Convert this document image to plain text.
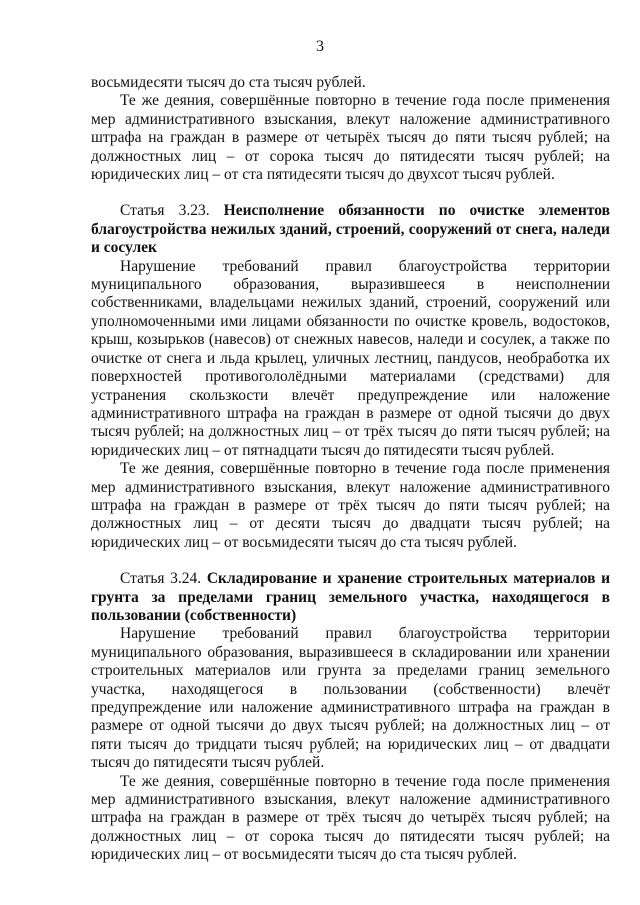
3

восьмидесяти тысяч до ста тысяч рублей.

Те же деяния, совершённые повторно в течение года после применения мер административного взыскания, влекут наложение административного штрафа на граждан в размере от четырёх тысяч до пяти тысяч рублей; на должностных лиц – от сорока тысяч до пятидесяти тысяч рублей; на юридических лиц – от ста пятидесяти тысяч до двухсот тысяч рублей.

Статья 3.23. Неисполнение обязанности по очистке элементов благоустройства нежилых зданий, строений, сооружений от снега, наледи и сосулек

Нарушение требований правил благоустройства территории муниципального образования, выразившееся в неисполнении собственниками, владельцами нежилых зданий, строений, сооружений или уполномоченными ими лицами обязанности по очистке кровель, водостоков, крыш, козырьков (навесов) от снежных навесов, наледи и сосулек, а также по очистке от снега и льда крылец, уличных лестниц, пандусов, необработка их поверхностей противогололёдными материалами (средствами) для устранения скользкости влечёт предупреждение или наложение административного штрафа на граждан в размере от одной тысячи до двух тысяч рублей; на должностных лиц – от трёх тысяч до пяти тысяч рублей; на юридических лиц – от пятнадцати тысяч до пятидесяти тысяч рублей.

Те же деяния, совершённые повторно в течение года после применения мер административного взыскания, влекут наложение административного штрафа на граждан в размере от трёх тысяч до пяти тысяч рублей; на должностных лиц – от десяти тысяч до двадцати тысяч рублей; на юридических лиц – от восьмидесяти тысяч до ста тысяч рублей.

Статья 3.24. Складирование и хранение строительных материалов и грунта за пределами границ земельного участка, находящегося в пользовании (собственности)

Нарушение требований правил благоустройства территории муниципального образования, выразившееся в складировании или хранении строительных материалов или грунта за пределами границ земельного участка, находящегося в пользовании (собственности) влечёт предупреждение или наложение административного штрафа на граждан в размере от одной тысячи до двух тысяч рублей; на должностных лиц – от пяти тысяч до тридцати тысяч рублей; на юридических лиц – от двадцати тысяч до пятидесяти тысяч рублей.

Те же деяния, совершённые повторно в течение года после применения мер административного взыскания, влекут наложение административного штрафа на граждан в размере от трёх тысяч до четырёх тысяч рублей; на должностных лиц – от сорока тысяч до пятидесяти тысяч рублей; на юридических лиц – от восьмидесяти тысяч до ста тысяч рублей.
